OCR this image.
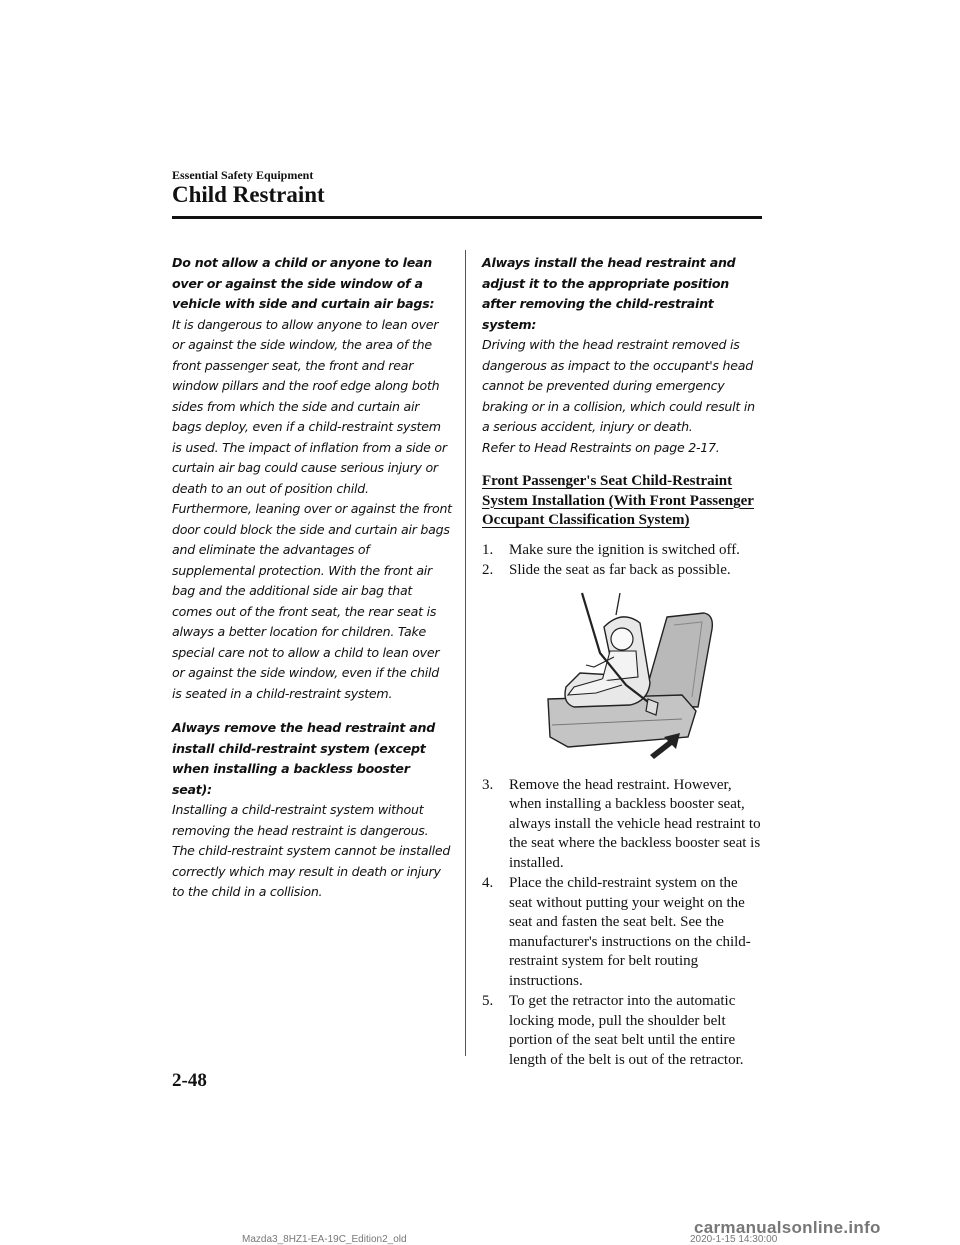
Essential Safety Equipment
Child Restraint
Do not allow a child or anyone to lean over or against the side window of a vehicle with side and curtain air bags:

It is dangerous to allow anyone to lean over or against the side window, the area of the front passenger seat, the front and rear window pillars and the roof edge along both sides from which the side and curtain air bags deploy, even if a child-restraint system is used. The impact of inflation from a side or curtain air bag could cause serious injury or death to an out of position child. Furthermore, leaning over or against the front door could block the side and curtain air bags and eliminate the advantages of supplemental protection. With the front air bag and the additional side air bag that comes out of the front seat, the rear seat is always a better location for children. Take special care not to allow a child to lean over or against the side window, even if the child is seated in a child-restraint system.

Always remove the head restraint and install child-restraint system (except when installing a backless booster seat):

Installing a child-restraint system without removing the head restraint is dangerous. The child-restraint system cannot be installed correctly which may result in death or injury to the child in a collision.

Always install the head restraint and adjust it to the appropriate position after removing the child-restraint system:
Driving with the head restraint removed is dangerous as impact to the occupant's head cannot be prevented during emergency braking or in a collision, which could result in a serious accident, injury or death.
Refer to Head Restraints on page 2-17.
Front Passenger's Seat Child-Restraint System Installation (With Front Passenger Occupant Classification System)
1. Make sure the ignition is switched off.
2. Slide the seat as far back as possible.
3. Remove the head restraint. However, when installing a backless booster seat, always install the vehicle head restraint to the seat where the backless booster seat is installed.
4. Place the child-restraint system on the seat without putting your weight on the seat and fasten the seat belt. See the manufacturer's instructions on the child-restraint system for belt routing instructions.
5. To get the retractor into the automatic locking mode, pull the shoulder belt portion of the seat belt until the entire length of the belt is out of the retractor.
2-48
carmanualsonline.info
Mazda3_8HZ1-EA-19C_Edition2_old	2020-1-15 14:30:00
